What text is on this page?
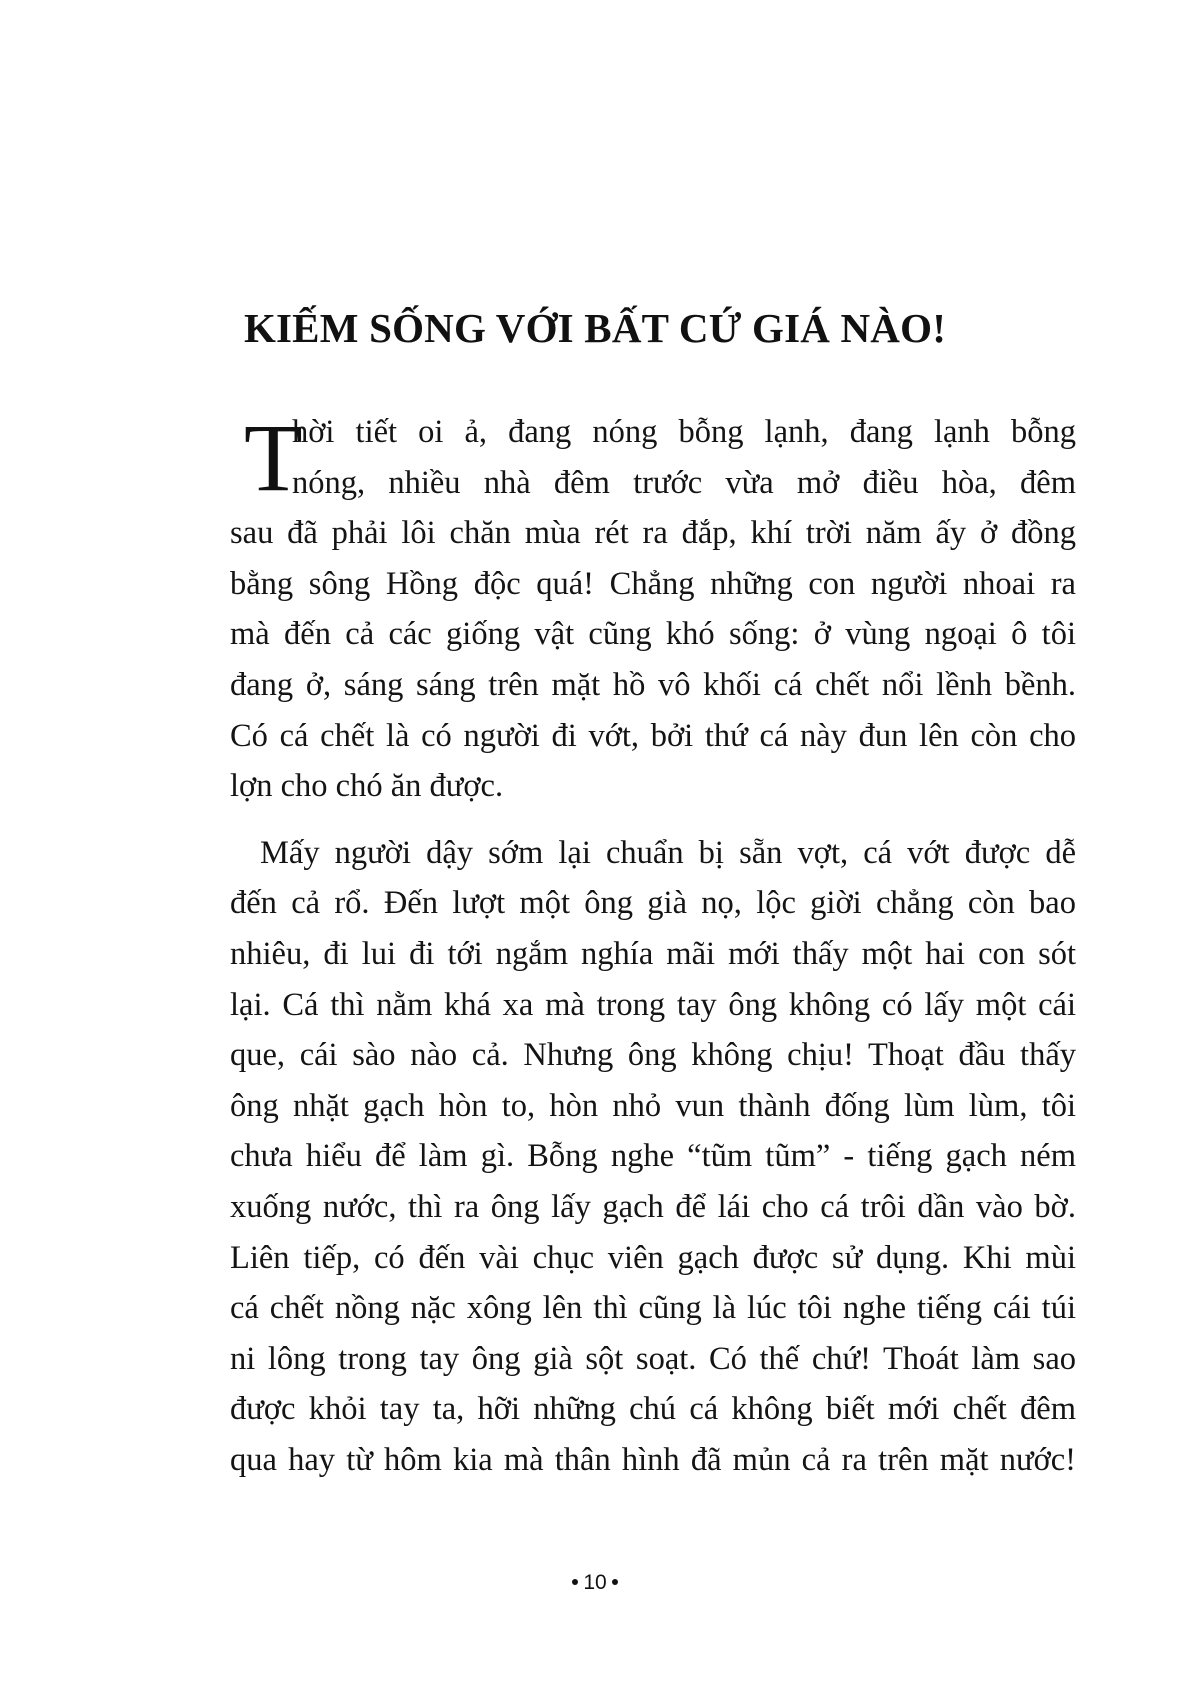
KIẾM SỐNG VỚI BẤT CỨ GIÁ NÀO!
T
hời tiết oi ả, đang nóng bỗng lạnh, đang lạnh bỗng
nóng, nhiều nhà đêm trước vừa mở điều hòa, đêm
sau đã phải lôi chăn mùa rét ra đắp, khí trời năm ấy ở đồng
bằng sông Hồng độc quá! Chẳng những con người nhoai ra
mà đến cả các giống vật cũng khó sống: ở vùng ngoại ô tôi
đang ở, sáng sáng trên mặt hồ vô khối cá chết nổi lềnh bềnh.
Có cá chết là có người đi vớt, bởi thứ cá này đun lên còn cho
lợn cho chó ăn được.
Mấy người dậy sớm lại chuẩn bị sẵn vợt, cá vớt được dễ
đến cả rổ. Đến lượt một ông già nọ, lộc giời chẳng còn bao
nhiêu, đi lui đi tới ngắm nghía mãi mới thấy một hai con sót
lại. Cá thì nằm khá xa mà trong tay ông không có lấy một cái
que, cái sào nào cả. Nhưng ông không chịu! Thoạt đầu thấy
ông nhặt gạch hòn to, hòn nhỏ vun thành đống lùm lùm, tôi
chưa hiểu để làm gì. Bỗng nghe “tũm tũm” - tiếng gạch ném
xuống nước, thì ra ông lấy gạch để lái cho cá trôi dần vào bờ.
Liên tiếp, có đến vài chục viên gạch được sử dụng. Khi mùi
cá chết nồng nặc xông lên thì cũng là lúc tôi nghe tiếng cái túi
ni lông trong tay ông già sột soạt. Có thế chứ! Thoát làm sao
được khỏi tay ta, hỡi những chú cá không biết mới chết đêm
qua hay từ hôm kia mà thân hình đã mủn cả ra trên mặt nước!
10
